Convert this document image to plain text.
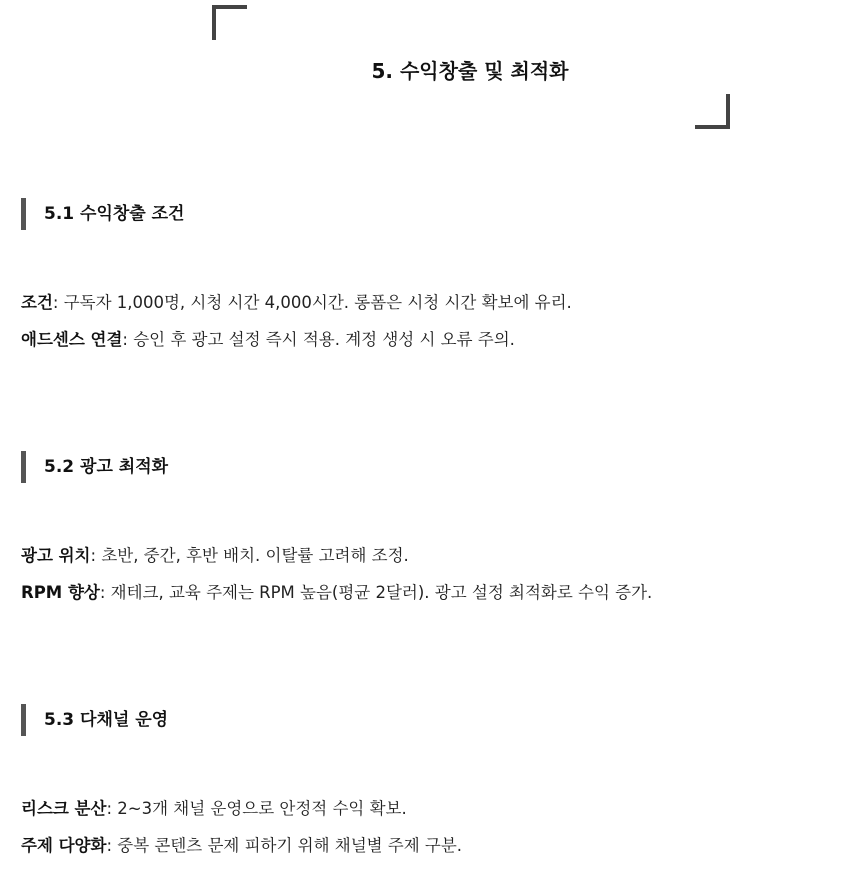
5. 수익창출 및 최적화
5.1 수익창출 조건

조건: 구독자 1,000명, 시청 시간 4,000시간. 롱폼은 시청 시간 확보에 유리.

애드센스 연결: 승인 후 광고 설정 즉시 적용. 계정 생성 시 오류 주의.

5.2 광고 최적화

광고 위치: 초반, 중간, 후반 배치. 이탈률 고려해 조정.

RPM 향상: 재테크, 교육 주제는 RPM 높음(평균 2달러). 광고 설정 최적화로 수익 증가.

5.3 다채널 운영

리스크 분산: 2~3개 채널 운영으로 안정적 수익 확보.

주제 다양화: 중복 콘텐츠 문제 피하기 위해 채널별 주제 구분.
